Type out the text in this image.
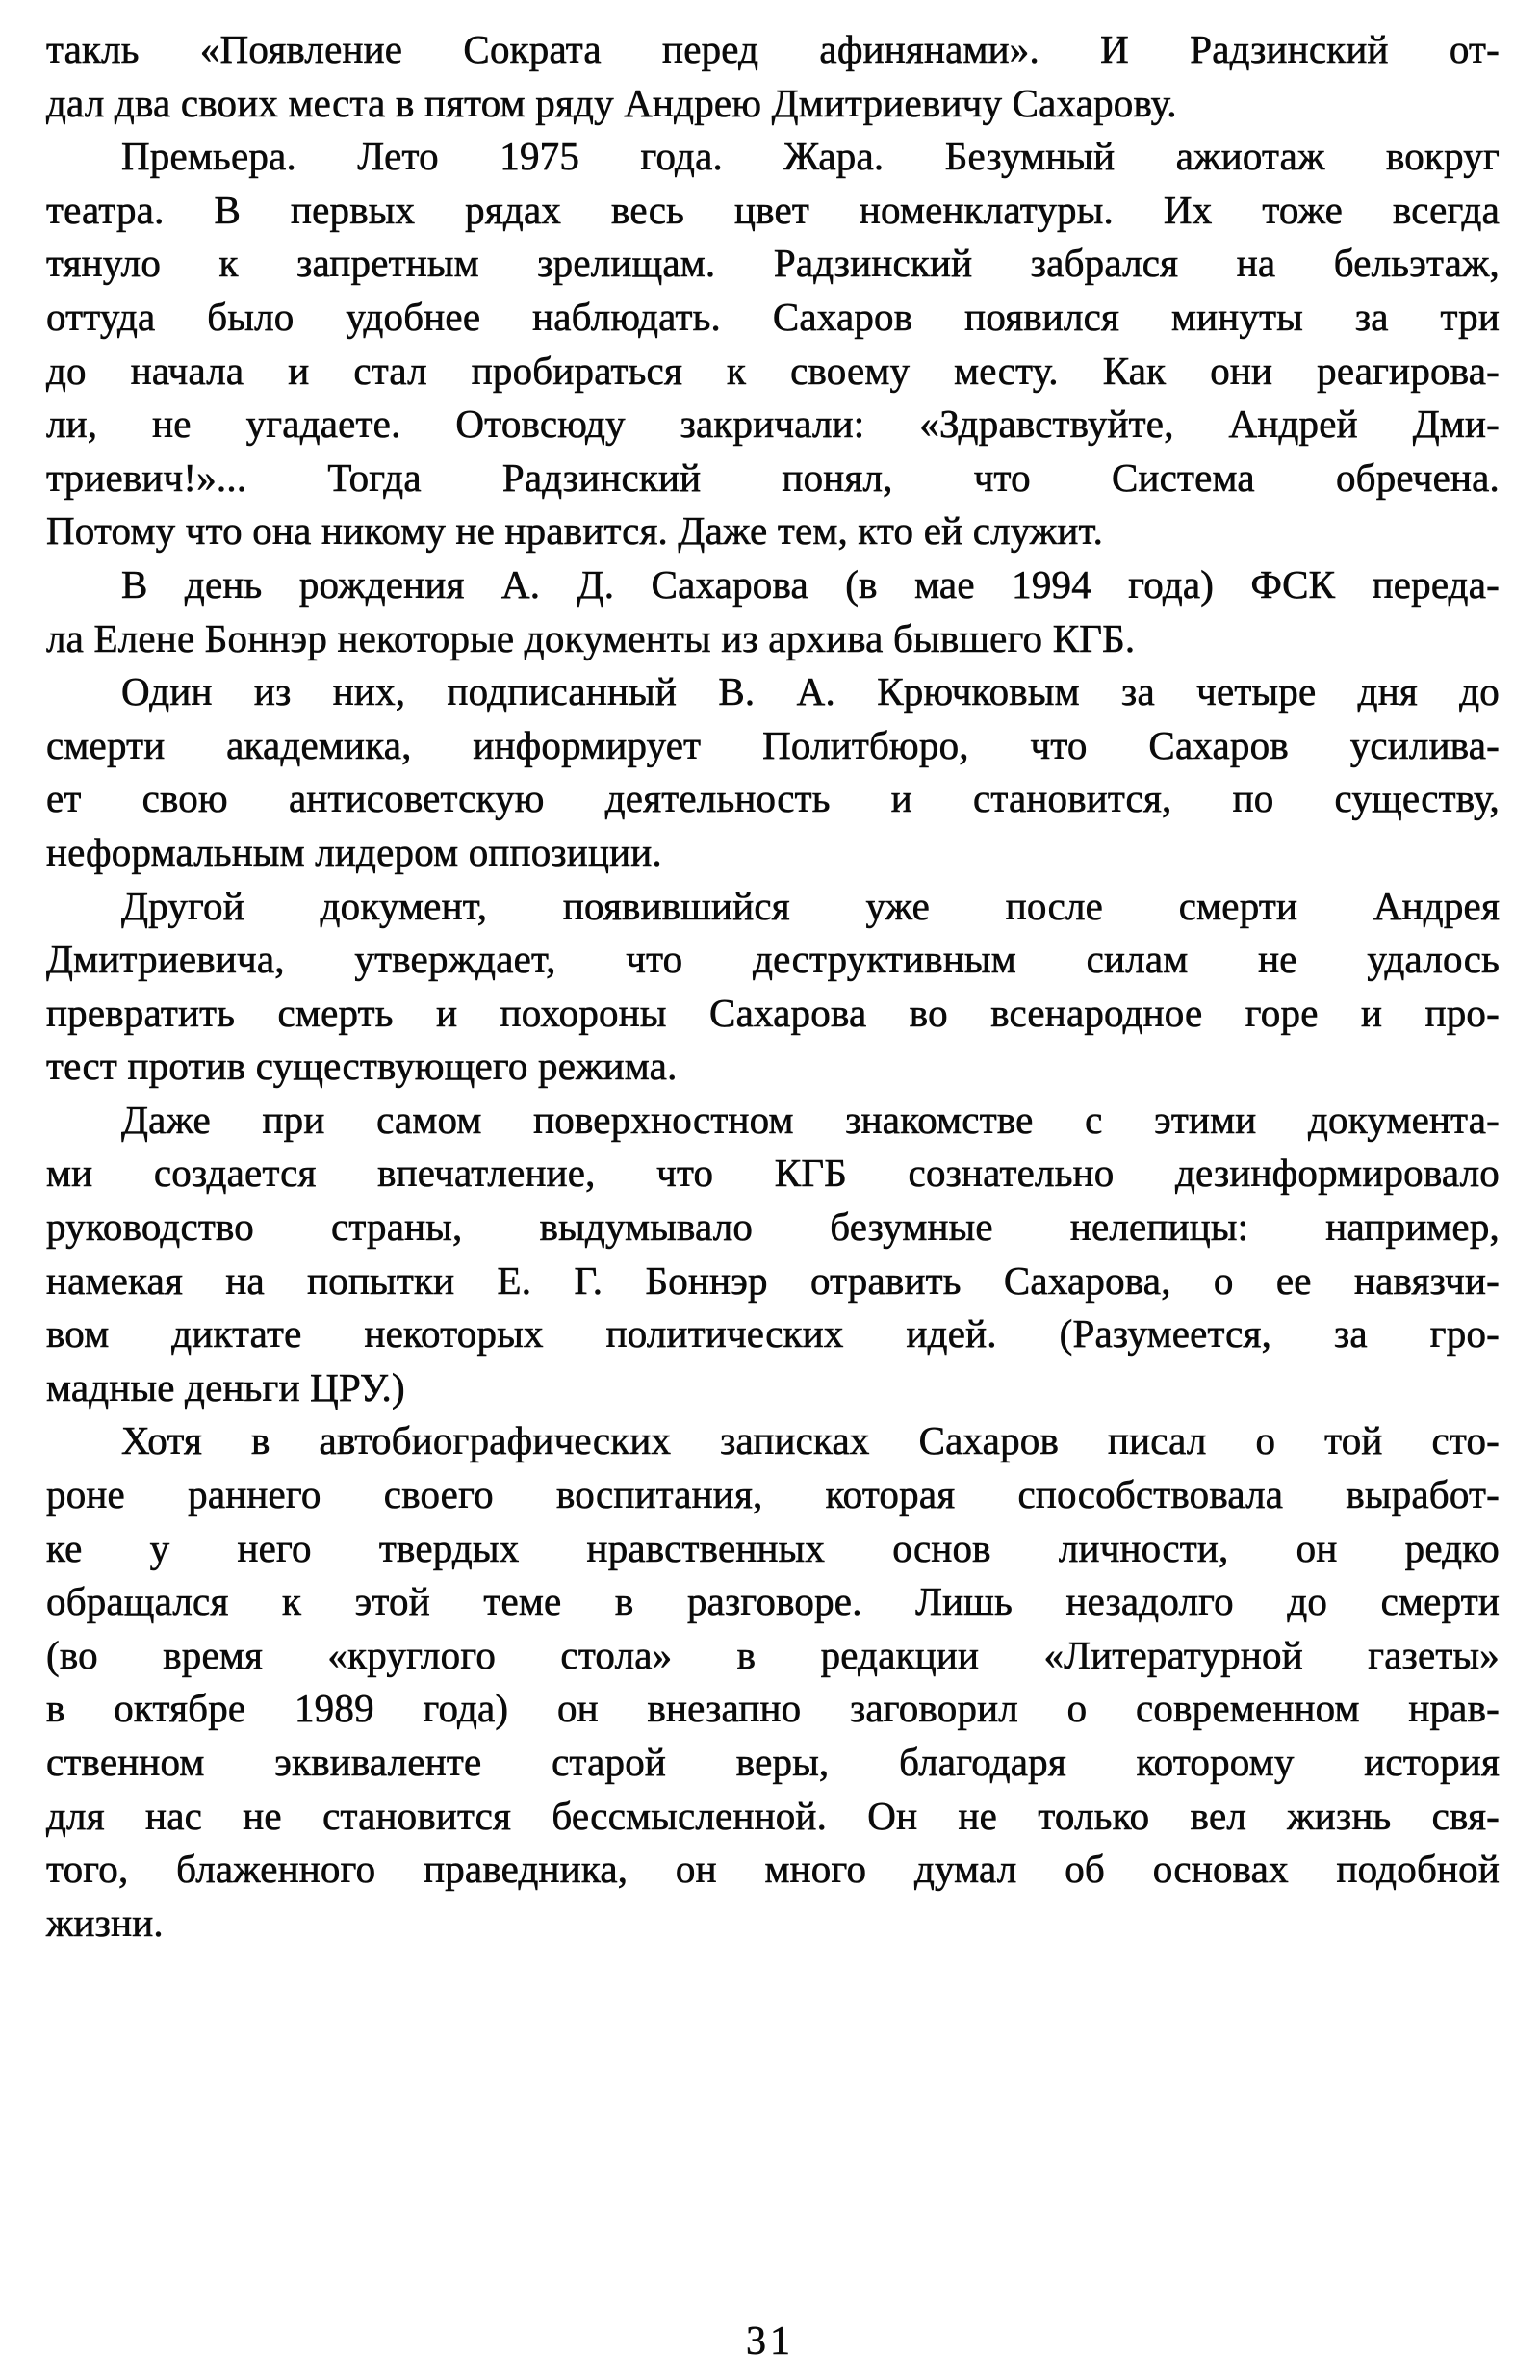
такль «Появление Сократа перед афинянами». И Радзинский от-
дал два своих места в пятом ряду Андрею Дмитриевичу Сахарову.
Премьера. Лето 1975 года. Жара. Безумный ажиотаж вокруг
театра. В первых рядах весь цвет номенклатуры. Их тоже всегда
тянуло к запретным зрелищам. Радзинский забрался на бельэтаж,
оттуда было удобнее наблюдать. Сахаров появился минуты за три
до начала и стал пробираться к своему месту. Как они реагирова-
ли, не угадаете. Отовсюду закричали: «Здравствуйте, Андрей Дми-
триевич!»... Тогда Радзинский понял, что Система обречена.
Потому что она никому не нравится. Даже тем, кто ей служит.
В день рождения А. Д. Сахарова (в мае 1994 года) ФСК переда-
ла Елене Боннэр некоторые документы из архива бывшего КГБ.
Один из них, подписанный В. А. Крючковым за четыре дня до
смерти академика, информирует Политбюро, что Сахаров усилива-
ет свою антисоветскую деятельность и становится, по существу,
неформальным лидером оппозиции.
Другой документ, появившийся уже после смерти Андрея
Дмитриевича, утверждает, что деструктивным силам не удалось
превратить смерть и похороны Сахарова во всенародное горе и про-
тест против существующего режима.
Даже при самом поверхностном знакомстве с этими документа-
ми создается впечатление, что КГБ сознательно дезинформировало
руководство страны, выдумывало безумные нелепицы: например,
намекая на попытки Е. Г. Боннэр отравить Сахарова, о ее навязчи-
вом диктате некоторых политических идей. (Разумеется, за гро-
мадные деньги ЦРУ.)
Хотя в автобиографических записках Сахаров писал о той сто-
роне раннего своего воспитания, которая способствовала выработ-
ке у него твердых нравственных основ личности, он редко
обращался к этой теме в разговоре. Лишь незадолго до смерти
(во время «круглого стола» в редакции «Литературной газеты»
в октябре 1989 года) он внезапно заговорил о современном нрав-
ственном эквиваленте старой веры, благодаря которому история
для нас не становится бессмысленной. Он не только вел жизнь свя-
того, блаженного праведника, он много думал об основах подобной
жизни.
31
